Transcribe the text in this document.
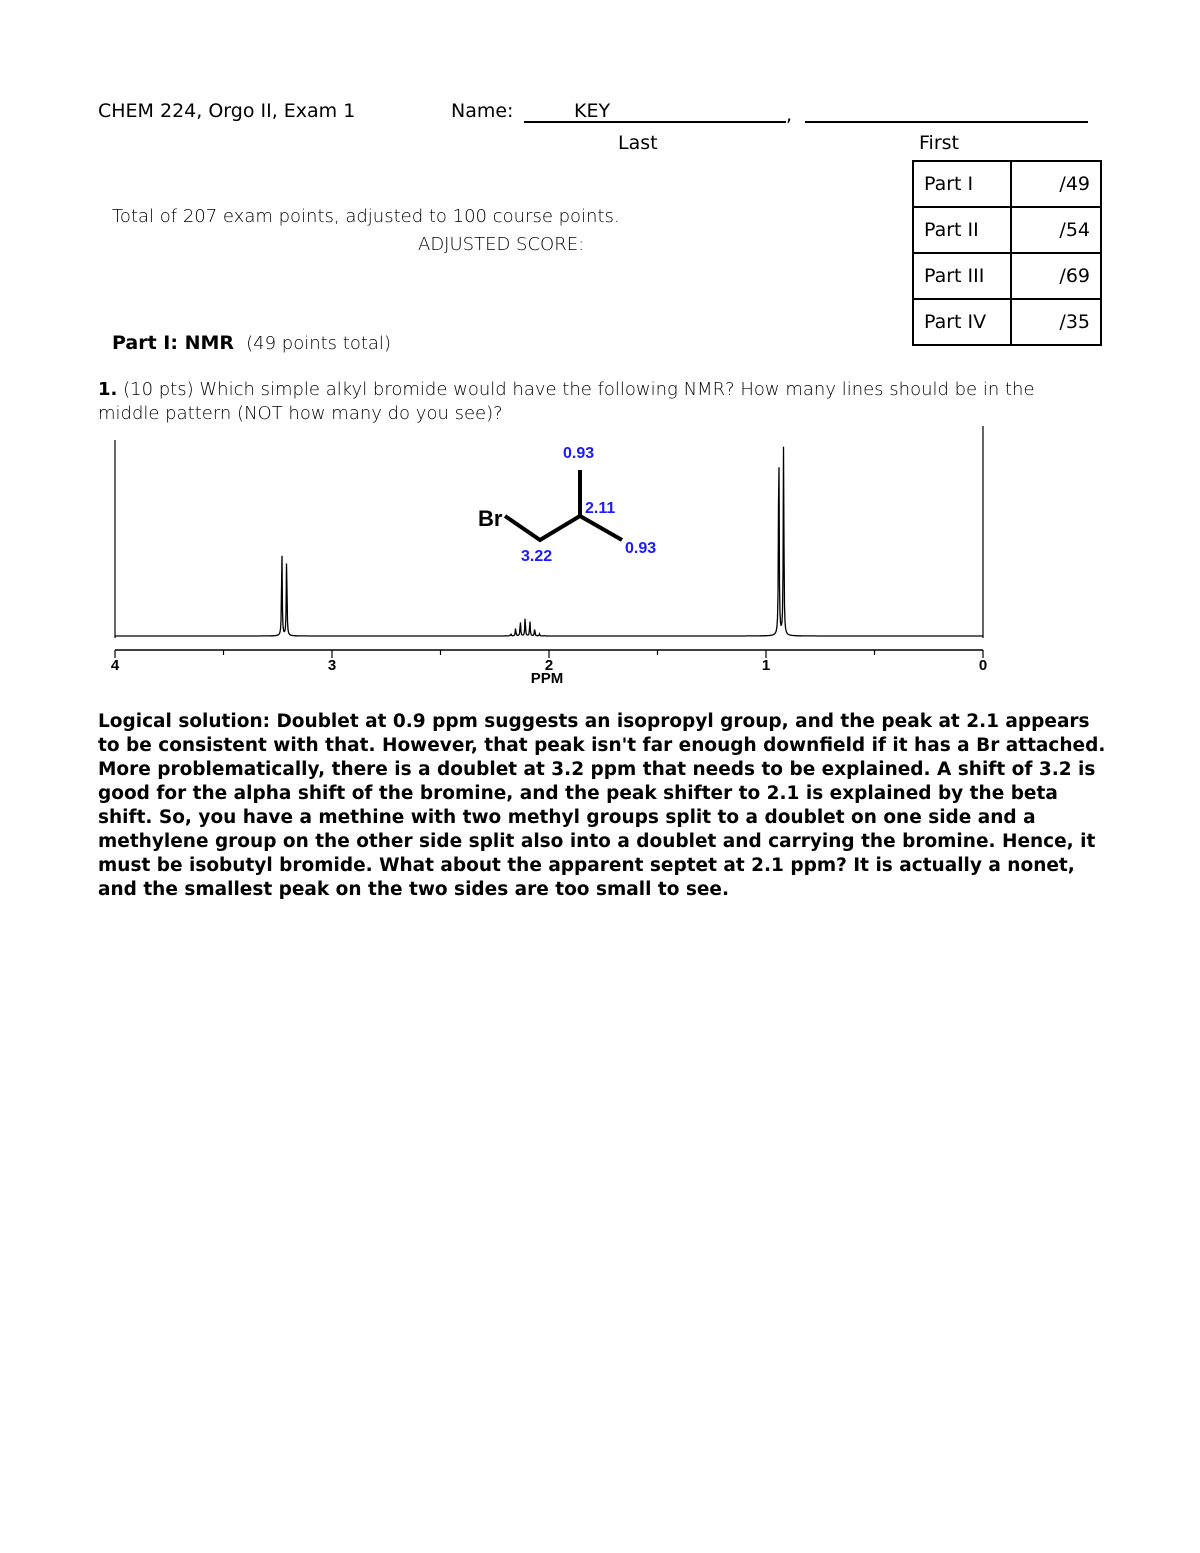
CHEM 224, Orgo II, Exam 1	Name:	KEY	,
Last	First
Total of 207 exam points, adjusted to 100 course points.
ADJUSTED SCORE:
Part I	/49
Part II	/54
Part III	/69
Part IV	/35
Part I: NMR (49 points total)
1. (10 pts) Which simple alkyl bromide would have the following NMR? How many lines should be in the middle pattern (NOT how many do you see)?
4	3	2	1	0
PPM
Br
0.93
2.11
0.93
3.22
Logical solution: Doublet at 0.9 ppm suggests an isopropyl group, and the peak at 2.1 appears to be consistent with that. However, that peak isn't far enough downfield if it has a Br attached. More problematically, there is a doublet at 3.2 ppm that needs to be explained. A shift of 3.2 is good for the alpha shift of the bromine, and the peak shifter to 2.1 is explained by the beta shift. So, you have a methine with two methyl groups split to a doublet on one side and a methylene group on the other side split also into a doublet and carrying the bromine. Hence, it must be isobutyl bromide. What about the apparent septet at 2.1 ppm? It is actually a nonet, and the smallest peak on the two sides are too small to see.
